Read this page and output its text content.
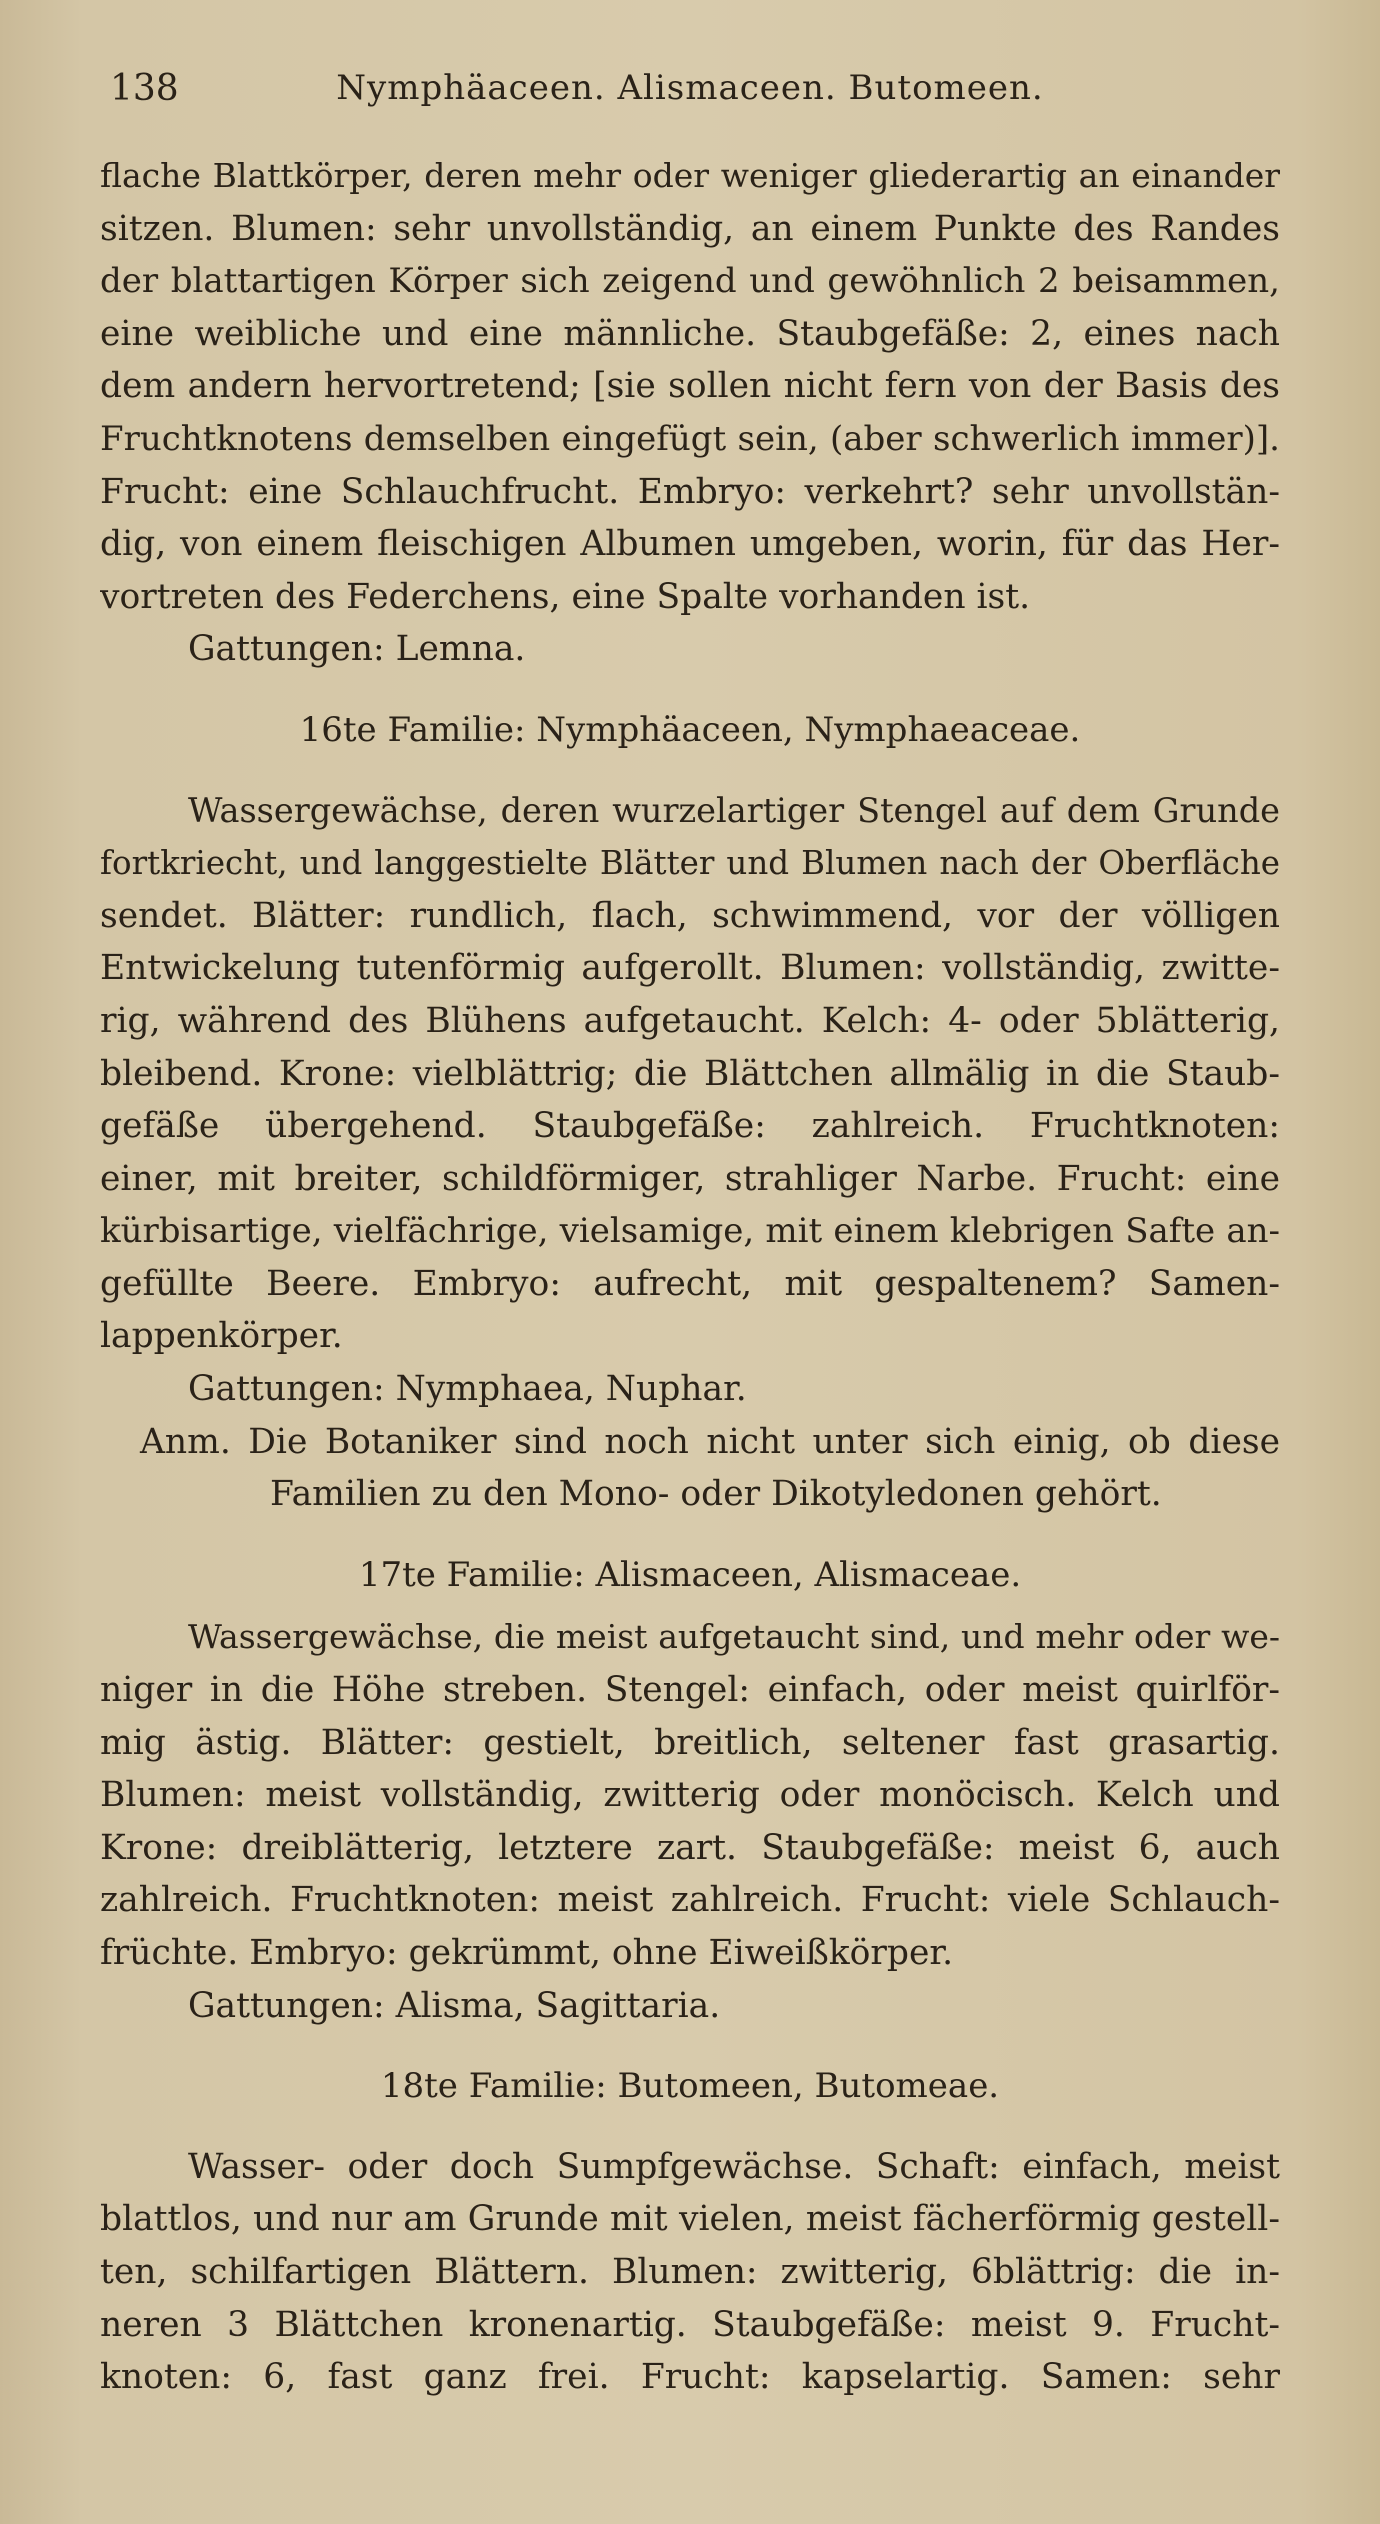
138	Nymphäaceen. Alismaceen. Butomeen.

flache Blattkörper, deren mehr oder weniger gliederartig an einander
sitzen. Blumen: sehr unvollständig, an einem Punkte des Randes
der blattartigen Körper sich zeigend und gewöhnlich 2 beisammen,
eine weibliche und eine männliche. Staubgefäße: 2, eines nach
dem andern hervortretend; [sie sollen nicht fern von der Basis des
Fruchtknotens demselben eingefügt sein, (aber schwerlich immer)].
Frucht: eine Schlauchfrucht. Embryo: verkehrt? sehr unvollstän-
dig, von einem fleischigen Albumen umgeben, worin, für das Her-
vortreten des Federchens, eine Spalte vorhanden ist.

Gattungen: Lemna.

16te Familie: Nymphäaceen, Nymphaeaceae.

Wassergewächse, deren wurzelartiger Stengel auf dem Grunde
fortkriecht, und langgestielte Blätter und Blumen nach der Oberfläche
sendet. Blätter: rundlich, flach, schwimmend, vor der völligen
Entwickelung tutenförmig aufgerollt. Blumen: vollständig, zwitte-
rig, während des Blühens aufgetaucht. Kelch: 4- oder 5blätterig,
bleibend. Krone: vielblättrig; die Blättchen allmälig in die Staub-
gefäße übergehend. Staubgefäße: zahlreich. Fruchtknoten:
einer, mit breiter, schildförmiger, strahliger Narbe. Frucht: eine
kürbisartige, vielfächrige, vielsamige, mit einem klebrigen Safte an-
gefüllte Beere. Embryo: aufrecht, mit gespaltenem? Samen-
lappenkörper.

Gattungen: Nymphaea, Nuphar.

Anm. Die Botaniker sind noch nicht unter sich einig, ob diese
Familien zu den Mono- oder Dikotyledonen gehört.

17te Familie: Alismaceen, Alismaceae.

Wassergewächse, die meist aufgetaucht sind, und mehr oder we-
niger in die Höhe streben. Stengel: einfach, oder meist quirlför-
mig ästig. Blätter: gestielt, breitlich, seltener fast grasartig.
Blumen: meist vollständig, zwitterig oder monöcisch. Kelch und
Krone: dreiblätterig, letztere zart. Staubgefäße: meist 6, auch
zahlreich. Fruchtknoten: meist zahlreich. Frucht: viele Schlauch-
früchte. Embryo: gekrümmt, ohne Eiweißkörper.

Gattungen: Alisma, Sagittaria.

18te Familie: Butomeen, Butomeae.

Wasser- oder doch Sumpfgewächse. Schaft: einfach, meist
blattlos, und nur am Grunde mit vielen, meist fächerförmig gestell-
ten, schilfartigen Blättern. Blumen: zwitterig, 6blättrig: die in-
neren 3 Blättchen kronenartig. Staubgefäße: meist 9. Frucht-
knoten: 6, fast ganz frei. Frucht: kapselartig. Samen: sehr
